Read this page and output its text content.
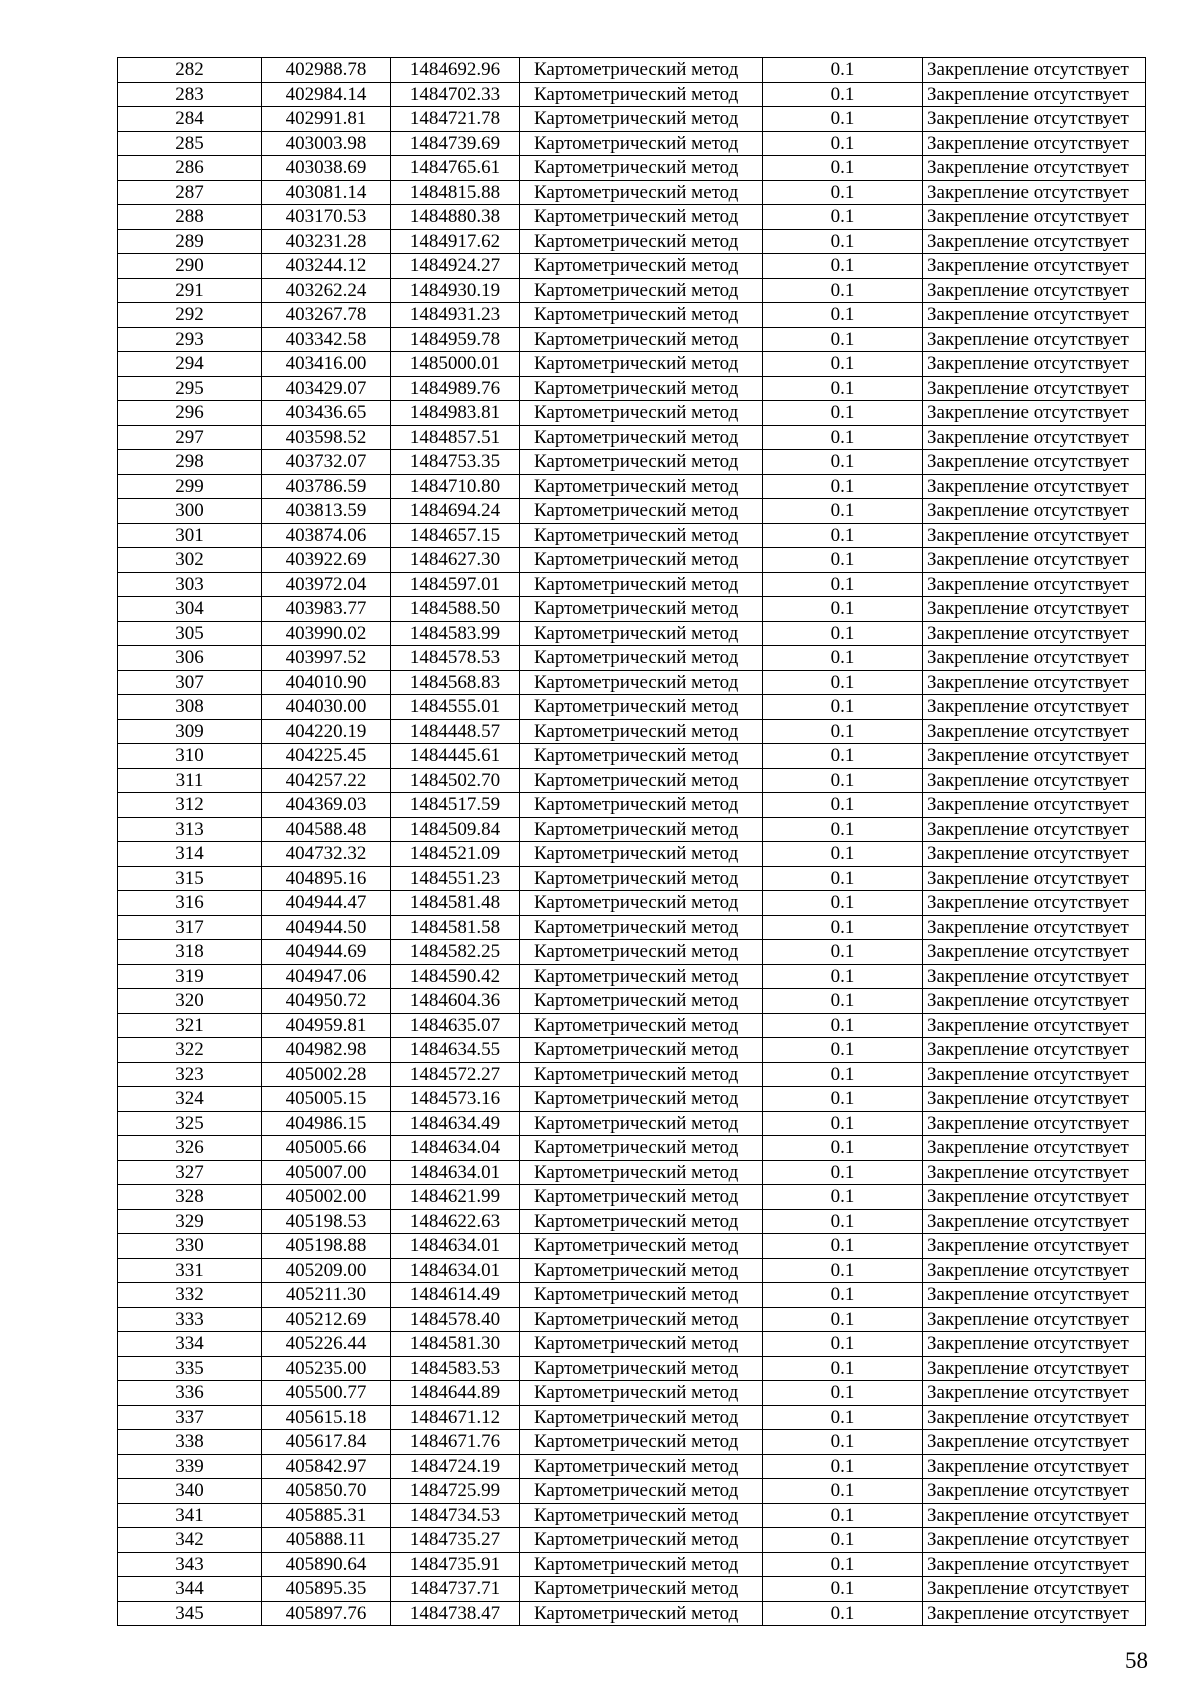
282	402988.78	1484692.96	Картометрический метод	0.1	Закрепление отсутствует
283	402984.14	1484702.33	Картометрический метод	0.1	Закрепление отсутствует
284	402991.81	1484721.78	Картометрический метод	0.1	Закрепление отсутствует
285	403003.98	1484739.69	Картометрический метод	0.1	Закрепление отсутствует
286	403038.69	1484765.61	Картометрический метод	0.1	Закрепление отсутствует
287	403081.14	1484815.88	Картометрический метод	0.1	Закрепление отсутствует
288	403170.53	1484880.38	Картометрический метод	0.1	Закрепление отсутствует
289	403231.28	1484917.62	Картометрический метод	0.1	Закрепление отсутствует
290	403244.12	1484924.27	Картометрический метод	0.1	Закрепление отсутствует
291	403262.24	1484930.19	Картометрический метод	0.1	Закрепление отсутствует
292	403267.78	1484931.23	Картометрический метод	0.1	Закрепление отсутствует
293	403342.58	1484959.78	Картометрический метод	0.1	Закрепление отсутствует
294	403416.00	1485000.01	Картометрический метод	0.1	Закрепление отсутствует
295	403429.07	1484989.76	Картометрический метод	0.1	Закрепление отсутствует
296	403436.65	1484983.81	Картометрический метод	0.1	Закрепление отсутствует
297	403598.52	1484857.51	Картометрический метод	0.1	Закрепление отсутствует
298	403732.07	1484753.35	Картометрический метод	0.1	Закрепление отсутствует
299	403786.59	1484710.80	Картометрический метод	0.1	Закрепление отсутствует
300	403813.59	1484694.24	Картометрический метод	0.1	Закрепление отсутствует
301	403874.06	1484657.15	Картометрический метод	0.1	Закрепление отсутствует
302	403922.69	1484627.30	Картометрический метод	0.1	Закрепление отсутствует
303	403972.04	1484597.01	Картометрический метод	0.1	Закрепление отсутствует
304	403983.77	1484588.50	Картометрический метод	0.1	Закрепление отсутствует
305	403990.02	1484583.99	Картометрический метод	0.1	Закрепление отсутствует
306	403997.52	1484578.53	Картометрический метод	0.1	Закрепление отсутствует
307	404010.90	1484568.83	Картометрический метод	0.1	Закрепление отсутствует
308	404030.00	1484555.01	Картометрический метод	0.1	Закрепление отсутствует
309	404220.19	1484448.57	Картометрический метод	0.1	Закрепление отсутствует
310	404225.45	1484445.61	Картометрический метод	0.1	Закрепление отсутствует
311	404257.22	1484502.70	Картометрический метод	0.1	Закрепление отсутствует
312	404369.03	1484517.59	Картометрический метод	0.1	Закрепление отсутствует
313	404588.48	1484509.84	Картометрический метод	0.1	Закрепление отсутствует
314	404732.32	1484521.09	Картометрический метод	0.1	Закрепление отсутствует
315	404895.16	1484551.23	Картометрический метод	0.1	Закрепление отсутствует
316	404944.47	1484581.48	Картометрический метод	0.1	Закрепление отсутствует
317	404944.50	1484581.58	Картометрический метод	0.1	Закрепление отсутствует
318	404944.69	1484582.25	Картометрический метод	0.1	Закрепление отсутствует
319	404947.06	1484590.42	Картометрический метод	0.1	Закрепление отсутствует
320	404950.72	1484604.36	Картометрический метод	0.1	Закрепление отсутствует
321	404959.81	1484635.07	Картометрический метод	0.1	Закрепление отсутствует
322	404982.98	1484634.55	Картометрический метод	0.1	Закрепление отсутствует
323	405002.28	1484572.27	Картометрический метод	0.1	Закрепление отсутствует
324	405005.15	1484573.16	Картометрический метод	0.1	Закрепление отсутствует
325	404986.15	1484634.49	Картометрический метод	0.1	Закрепление отсутствует
326	405005.66	1484634.04	Картометрический метод	0.1	Закрепление отсутствует
327	405007.00	1484634.01	Картометрический метод	0.1	Закрепление отсутствует
328	405002.00	1484621.99	Картометрический метод	0.1	Закрепление отсутствует
329	405198.53	1484622.63	Картометрический метод	0.1	Закрепление отсутствует
330	405198.88	1484634.01	Картометрический метод	0.1	Закрепление отсутствует
331	405209.00	1484634.01	Картометрический метод	0.1	Закрепление отсутствует
332	405211.30	1484614.49	Картометрический метод	0.1	Закрепление отсутствует
333	405212.69	1484578.40	Картометрический метод	0.1	Закрепление отсутствует
334	405226.44	1484581.30	Картометрический метод	0.1	Закрепление отсутствует
335	405235.00	1484583.53	Картометрический метод	0.1	Закрепление отсутствует
336	405500.77	1484644.89	Картометрический метод	0.1	Закрепление отсутствует
337	405615.18	1484671.12	Картометрический метод	0.1	Закрепление отсутствует
338	405617.84	1484671.76	Картометрический метод	0.1	Закрепление отсутствует
339	405842.97	1484724.19	Картометрический метод	0.1	Закрепление отсутствует
340	405850.70	1484725.99	Картометрический метод	0.1	Закрепление отсутствует
341	405885.31	1484734.53	Картометрический метод	0.1	Закрепление отсутствует
342	405888.11	1484735.27	Картометрический метод	0.1	Закрепление отсутствует
343	405890.64	1484735.91	Картометрический метод	0.1	Закрепление отсутствует
344	405895.35	1484737.71	Картометрический метод	0.1	Закрепление отсутствует
345	405897.76	1484738.47	Картометрический метод	0.1	Закрепление отсутствует
58
